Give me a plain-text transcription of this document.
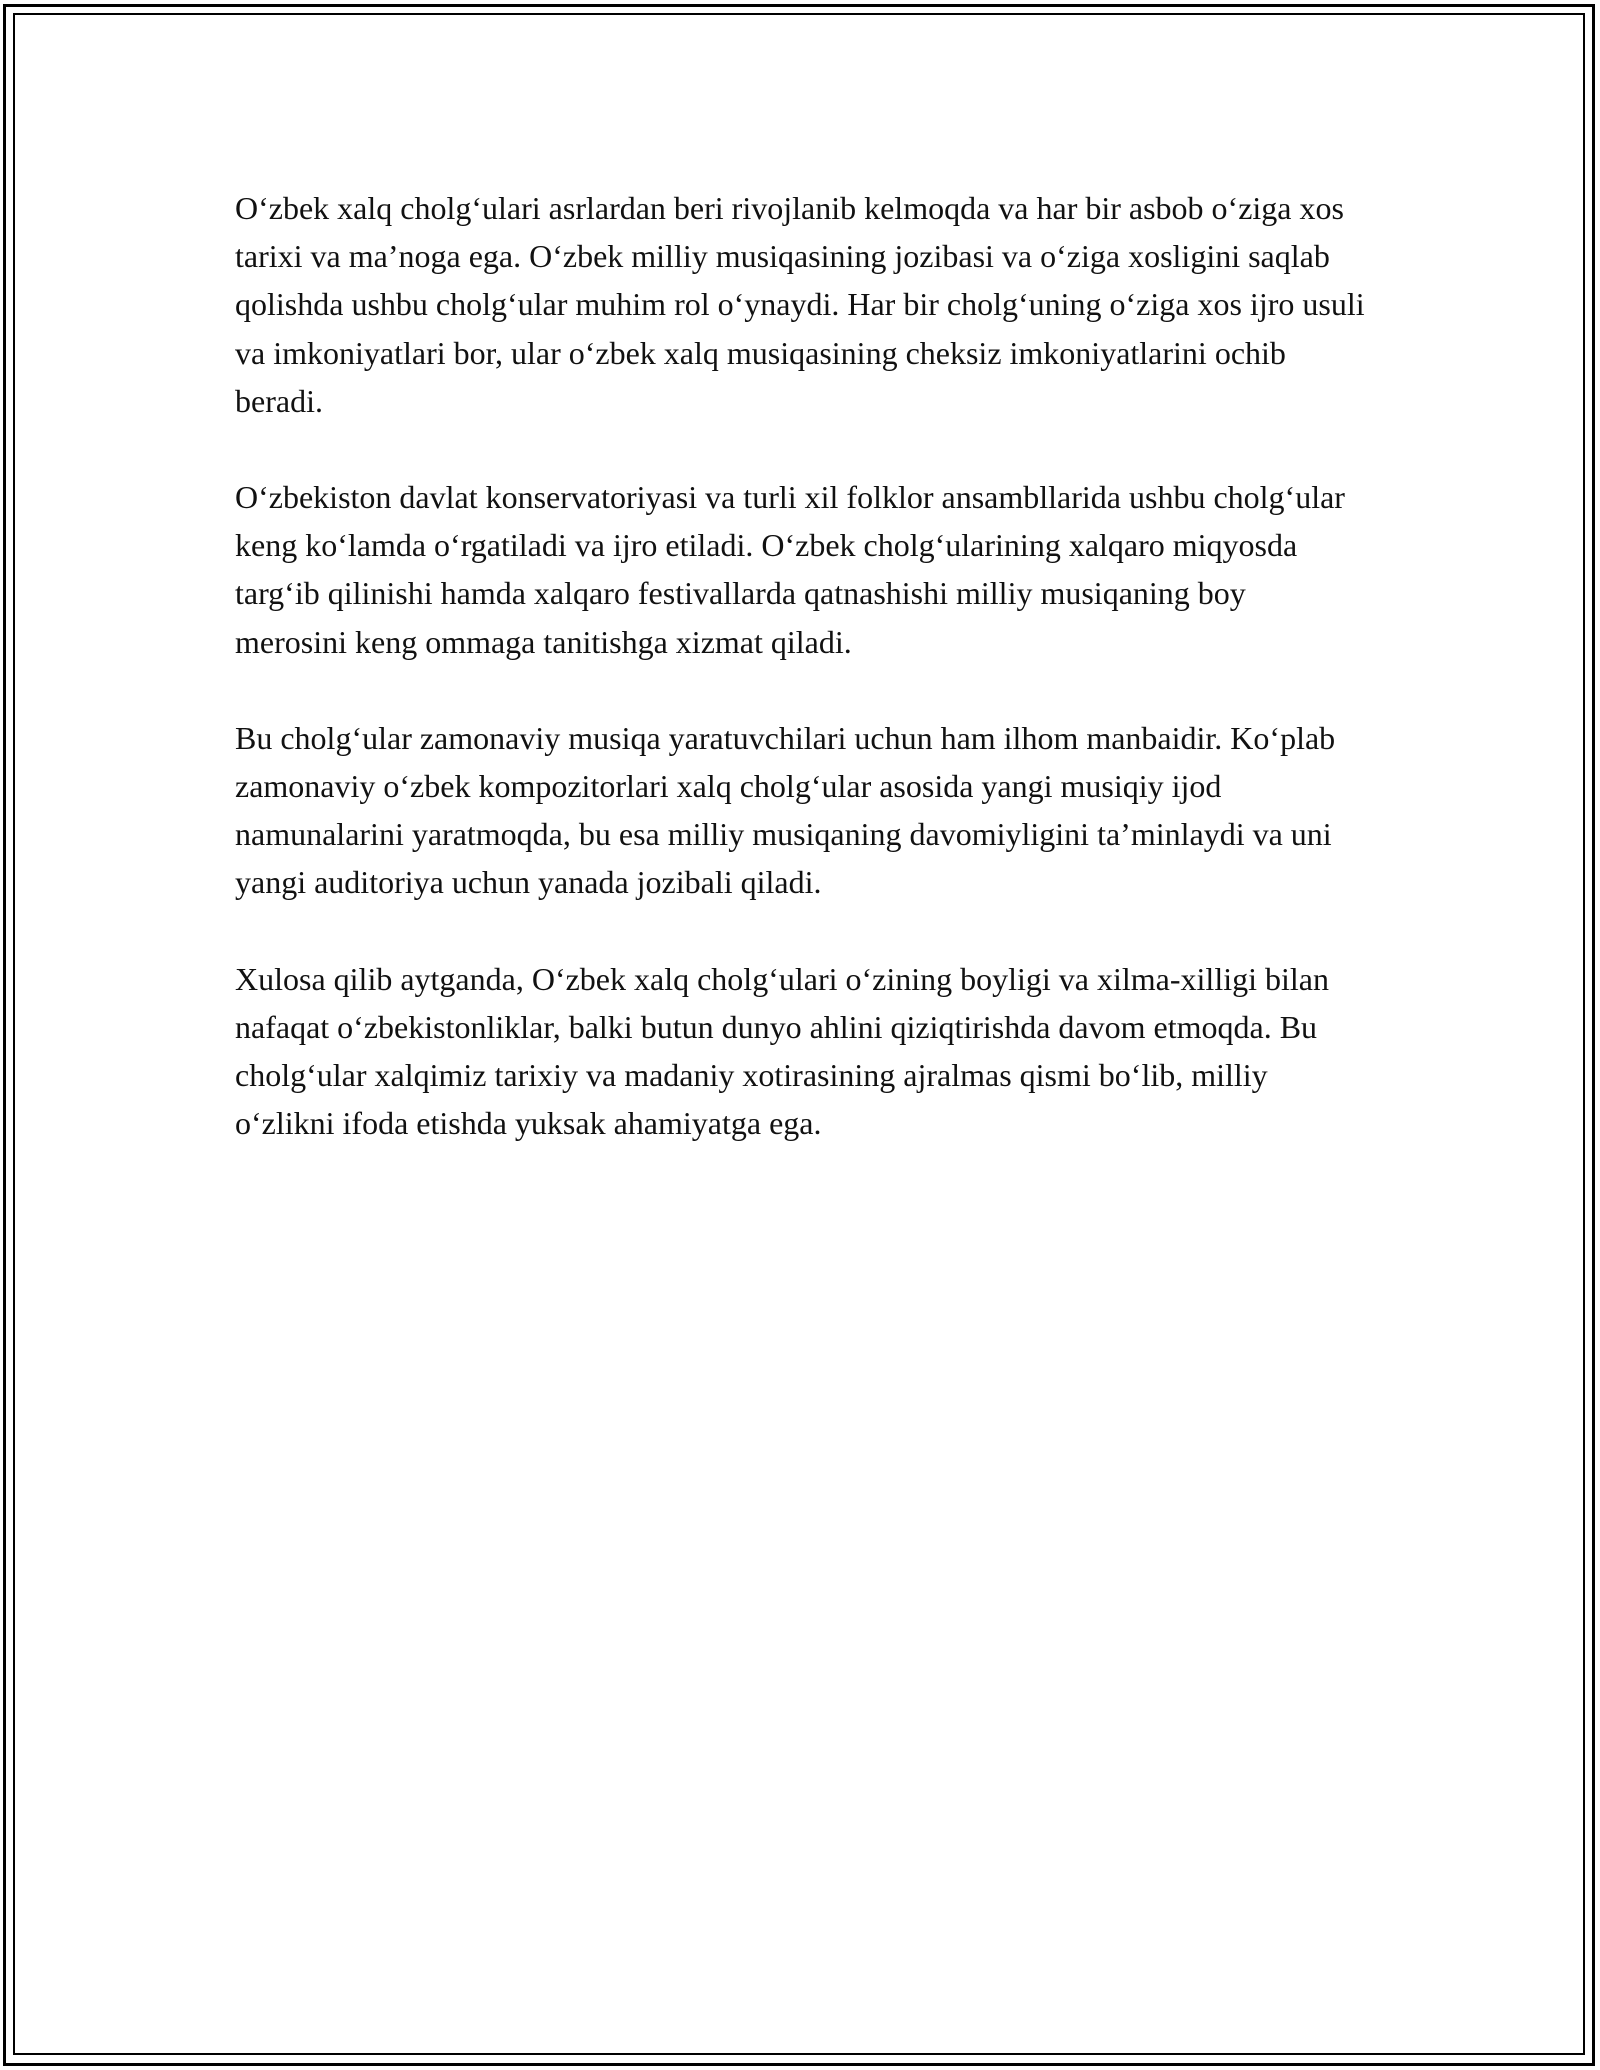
O‘zbek xalq cholg‘ulari asrlardan beri rivojlanib kelmoqda va har bir asbob o‘ziga xos tarixi va ma’noga ega. O‘zbek milliy musiqasining jozibasi va o‘ziga xosligini saqlab qolishda ushbu cholg‘ular muhim rol o‘ynaydi. Har bir cholg‘uning o‘ziga xos ijro usuli va imkoniyatlari bor, ular o‘zbek xalq musiqasining cheksiz imkoniyatlarini ochib beradi.

O‘zbekiston davlat konservatoriyasi va turli xil folklor ansambllarida ushbu cholg‘ular keng ko‘lamda o‘rgatiladi va ijro etiladi. O‘zbek cholg‘ularining xalqaro miqyosda targ‘ib qilinishi hamda xalqaro festivallarda qatnashishi milliy musiqaning boy merosini keng ommaga tanitishga xizmat qiladi.

Bu cholg‘ular zamonaviy musiqa yaratuvchilari uchun ham ilhom manbaidir. Ko‘plab zamonaviy o‘zbek kompozitorlari xalq cholg‘ular asosida yangi musiqiy ijod namunalarini yaratmoqda, bu esa milliy musiqaning davomiyligini ta’minlaydi va uni yangi auditoriya uchun yanada jozibali qiladi.

Xulosa qilib aytganda, O‘zbek xalq cholg‘ulari o‘zining boyligi va xilma-xilligi bilan nafaqat o‘zbekistonliklar, balki butun dunyo ahlini qiziqtirishda davom etmoqda. Bu cholg‘ular xalqimiz tarixiy va madaniy xotirasining ajralmas qismi bo‘lib, milliy o‘zlikni ifoda etishda yuksak ahamiyatga ega.
